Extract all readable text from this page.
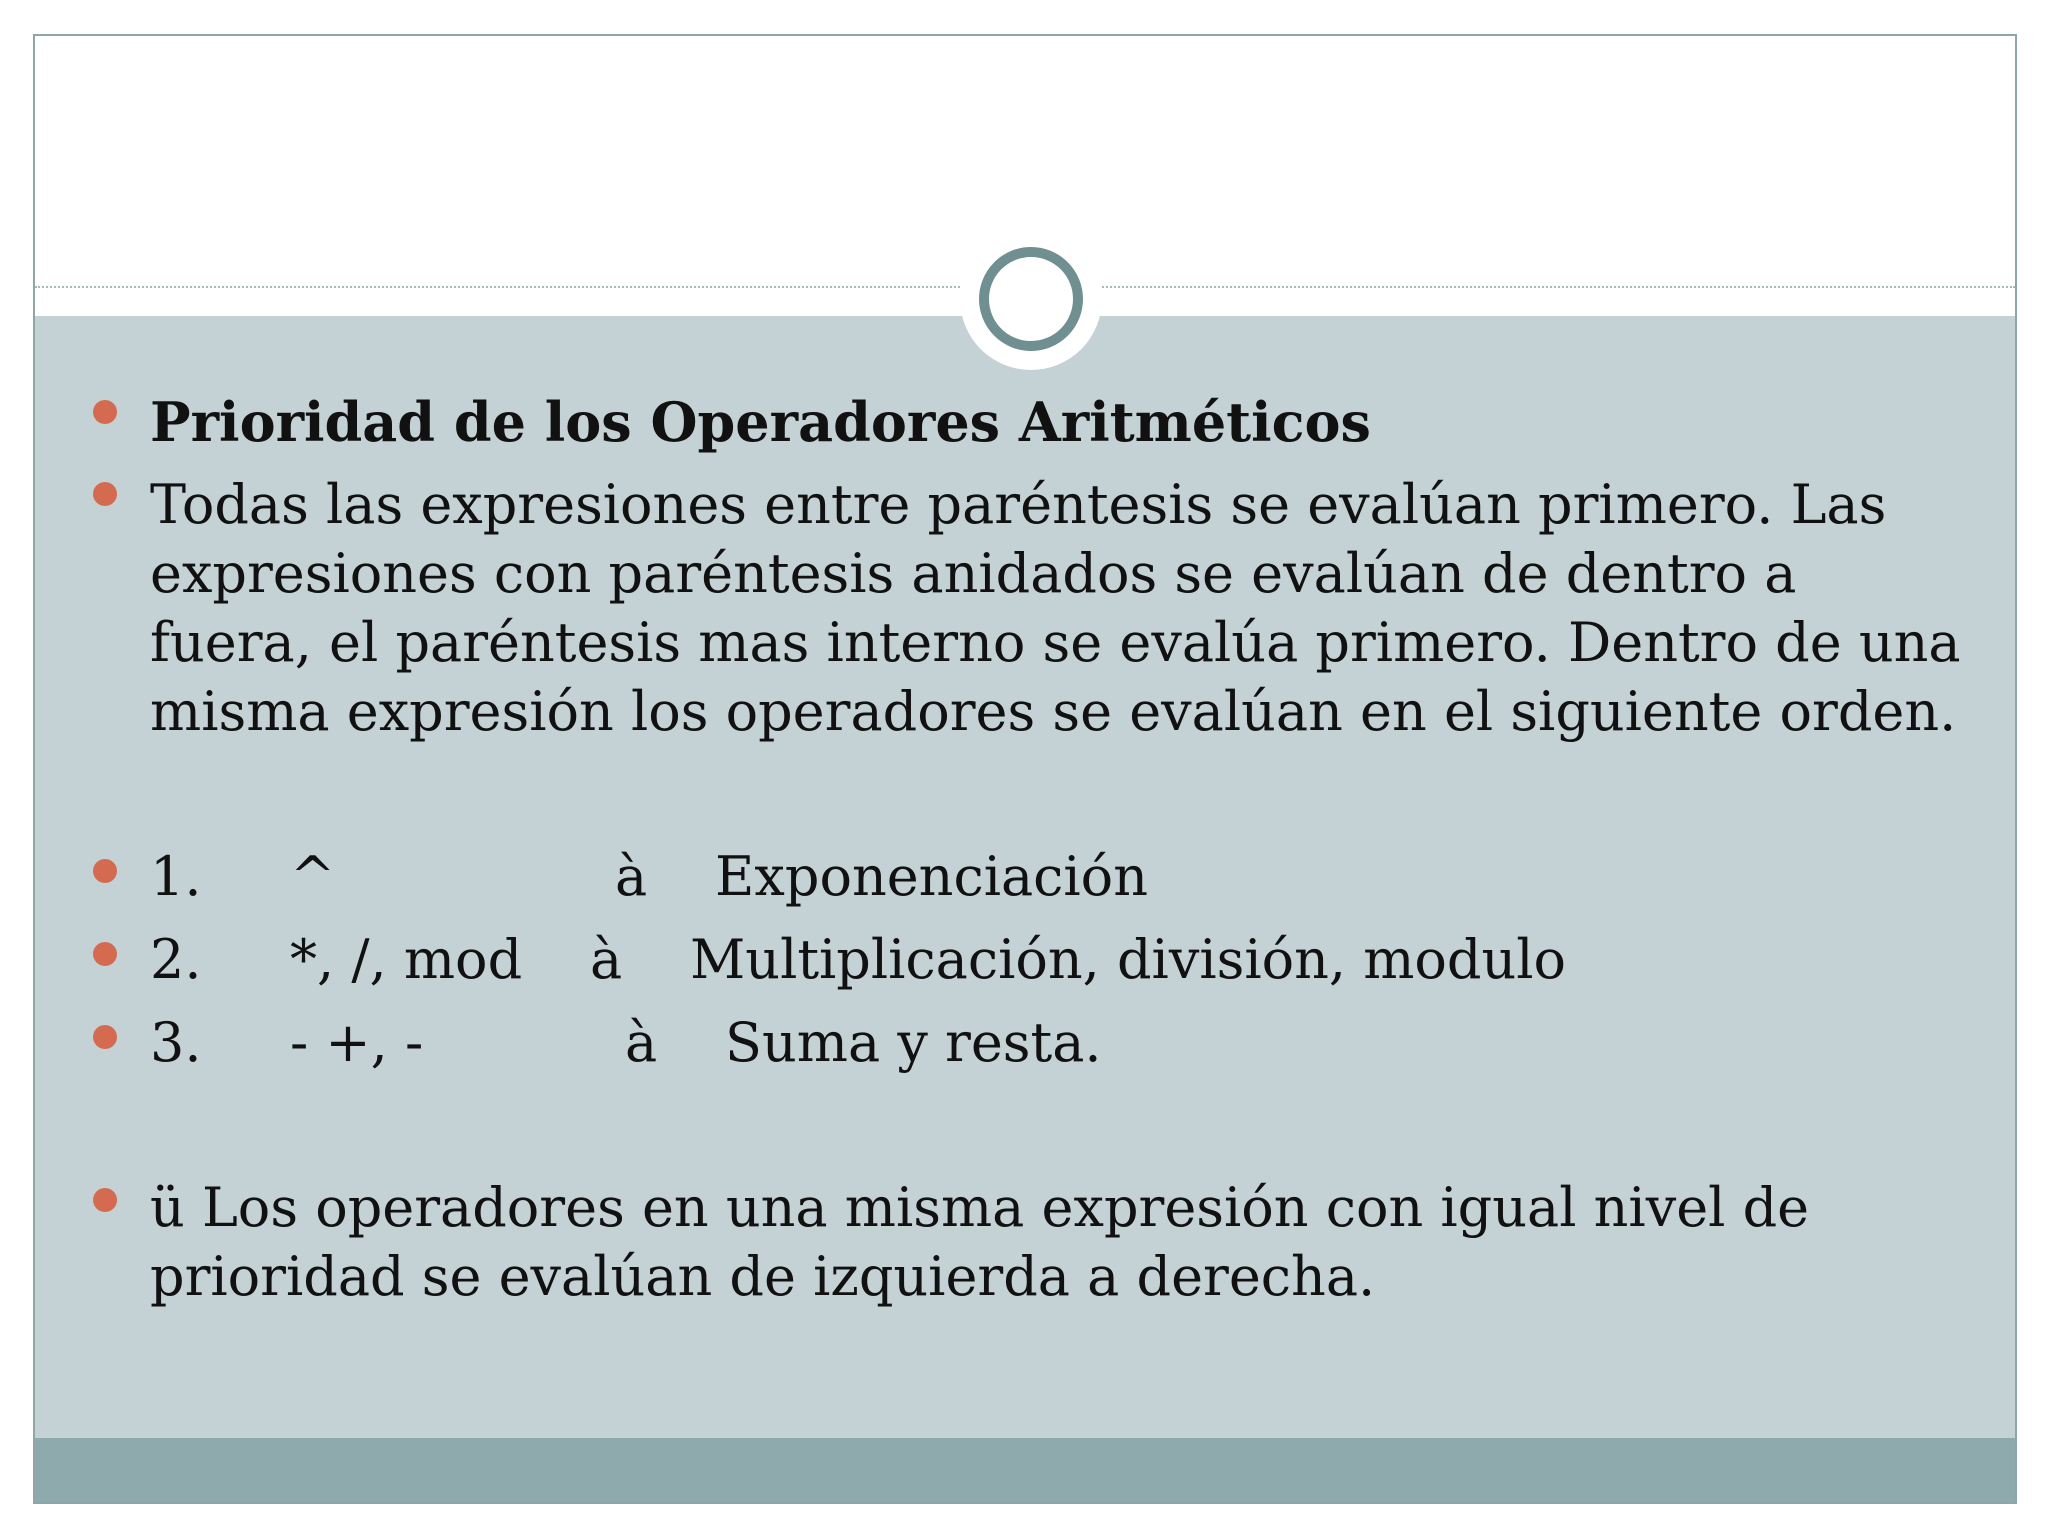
Prioridad de los Operadores Aritméticos
Todas las expresiones entre paréntesis se evalúan primero. Las expresiones con paréntesis anidados se evalúan de dentro a fuera, el paréntesis mas interno se evalúa primero. Dentro de una misma expresión los operadores se evalúan en el siguiente orden.
1. ^	à Exponenciación
2. *, /, mod à Multiplicación, división, modulo
3. - +, -	à Suma y resta.
ü Los operadores en una misma expresión con igual nivel de prioridad se evalúan de izquierda a derecha.
